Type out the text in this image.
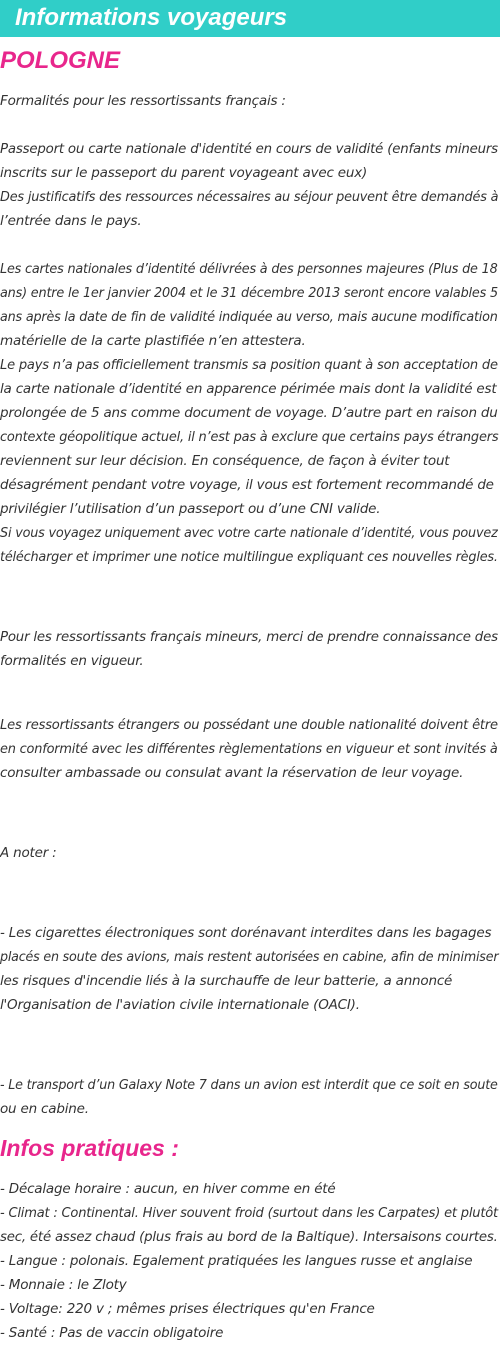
Informations voyageurs
POLOGNE
Formalités pour les ressortissants français :
Passeport ou carte nationale d'identité en cours de validité (enfants mineurs
inscrits sur le passeport du parent voyageant avec eux)
Des justificatifs des ressources nécessaires au séjour peuvent être demandés à
l’entrée dans le pays.
Les cartes nationales d’identité délivrées à des personnes majeures (Plus de 18
ans) entre le 1er janvier 2004 et le 31 décembre 2013 seront encore valables 5
ans après la date de fin de validité indiquée au verso, mais aucune modification
matérielle de la carte plastifiée n’en attestera.
Le pays n’a pas officiellement transmis sa position quant à son acceptation de
la carte nationale d’identité en apparence périmée mais dont la validité est
prolongée de 5 ans comme document de voyage. D’autre part en raison du
contexte géopolitique actuel, il n’est pas à exclure que certains pays étrangers
reviennent sur leur décision. En conséquence, de façon à éviter tout
désagrément pendant votre voyage, il vous est fortement recommandé de
privilégier l’utilisation d’un passeport ou d’une CNI valide.
Si vous voyagez uniquement avec votre carte nationale d’identité, vous pouvez
télécharger et imprimer une notice multilingue expliquant ces nouvelles règles.
Pour les ressortissants français mineurs, merci de prendre connaissance des
formalités en vigueur.
Les ressortissants étrangers ou possédant une double nationalité doivent être
en conformité avec les différentes règlementations en vigueur et sont invités à
consulter ambassade ou consulat avant la réservation de leur voyage.
A noter :
- Les cigarettes électroniques sont dorénavant interdites dans les bagages
placés en soute des avions, mais restent autorisées en cabine, afin de minimiser
les risques d'incendie liés à la surchauffe de leur batterie, a annoncé
l'Organisation de l'aviation civile internationale (OACI).
- Le transport d’un Galaxy Note 7 dans un avion est interdit que ce soit en soute
ou en cabine.
Infos pratiques :
- Décalage horaire : aucun, en hiver comme en été
- Climat : Continental. Hiver souvent froid (surtout dans les Carpates) et plutôt
sec, été assez chaud (plus frais au bord de la Baltique). Intersaisons courtes.
- Langue : polonais. Egalement pratiquées les langues russe et anglaise
- Monnaie : le Zloty
- Voltage: 220 v ; mêmes prises électriques qu'en France
- Santé : Pas de vaccin obligatoire
